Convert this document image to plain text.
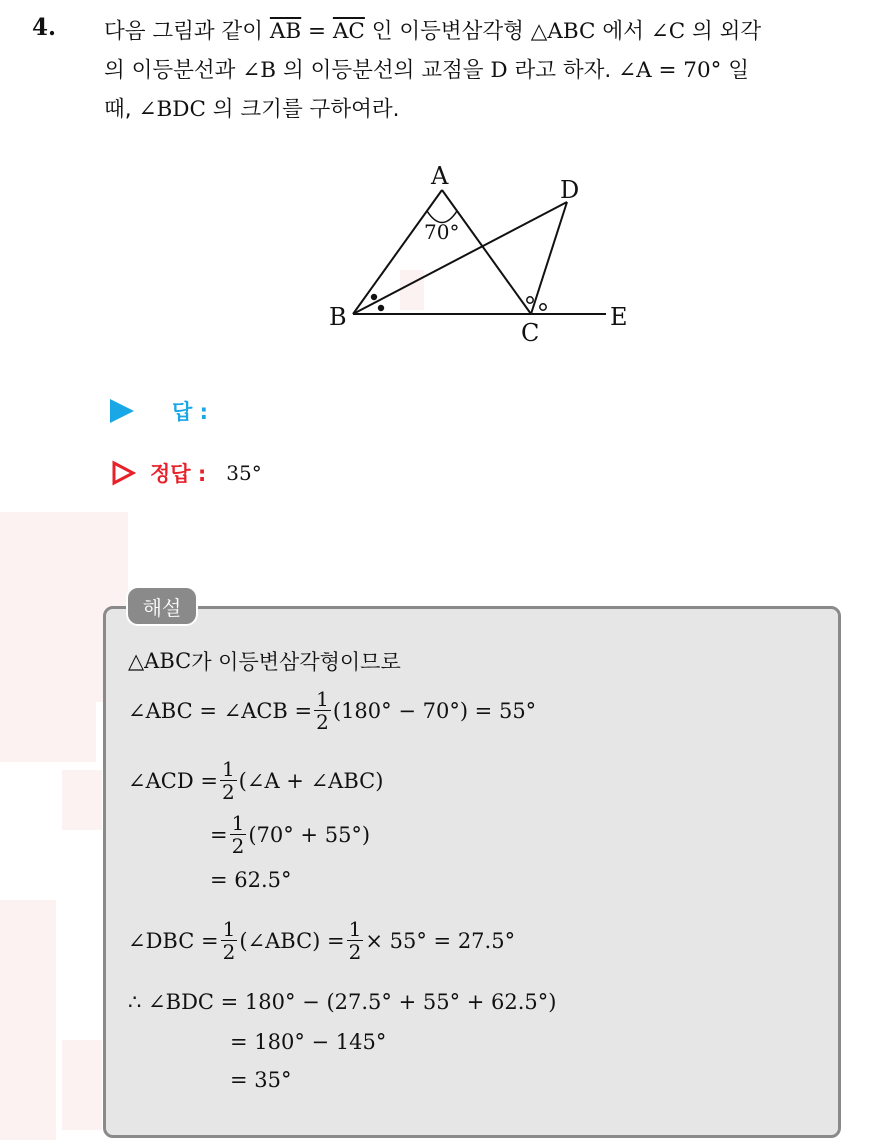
4. 다음 그림과 같이 $\overline{AB} = \overline{AC}$ 인 이등변삼각형 △ABC 에서 ∠C 의 외각
의 이등분선과 ∠B 의 이등분선의 교점을 D 라고 하자. ∠A = 70° 일
때, ∠BDC 의 크기를 구하여라.
A	D
B
C
E
70°
답 :
정답 : 35°
해설
△ABC 가 이등변삼각형이므로
∠ABC = ∠ACB = $\frac{1}{2} (180^\circ - 70^\circ) = 55^\circ$
∠ACD = $\frac{1}{2}$ (∠A + ∠ABC)
= $\frac{1}{2} (70^\circ + 55^\circ)$
= 62.5°
∠DBC = $\frac{1}{2}$ (∠ABC) = $\frac{1}{2} \times 55^\circ = 27.5^\circ$
∴ ∠BDC = 180° − (27.5° + 55° + 62.5°)
= 180° − 145°
= 35°
